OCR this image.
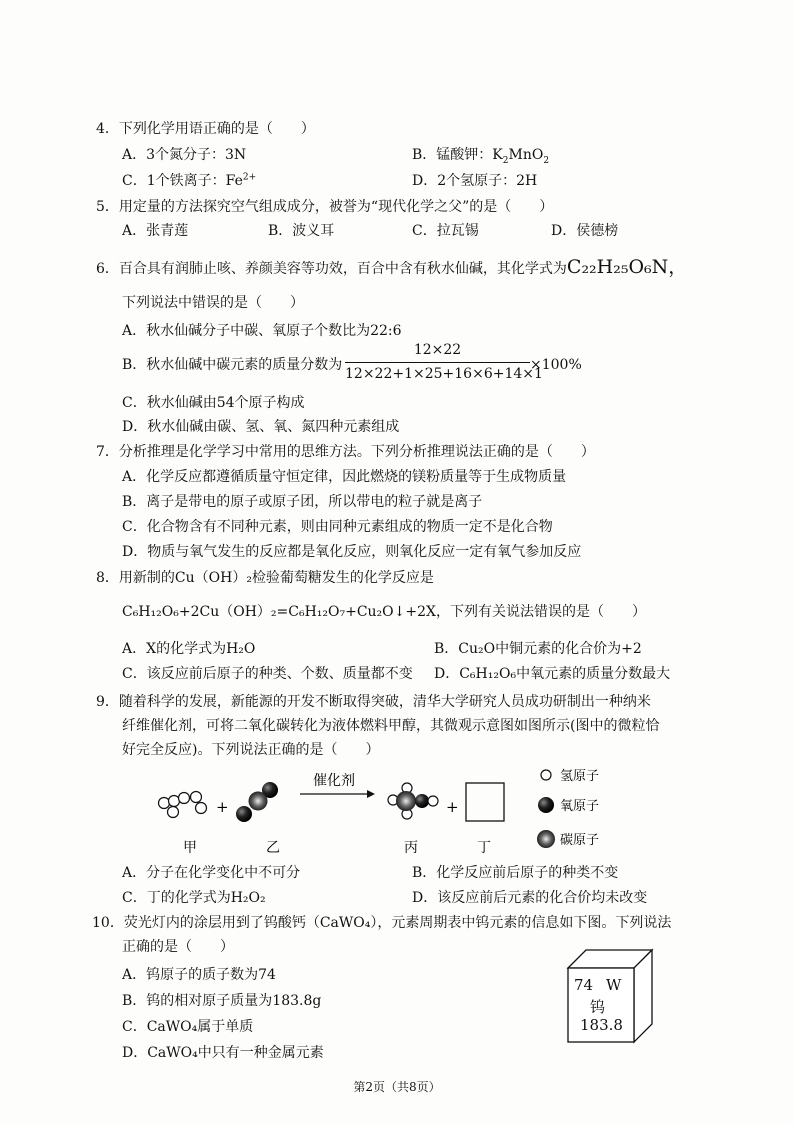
4．下列化学用语正确的是（　　）
A．3个氮分子：3N	B．锰酸钾：$K_2MnO_2$
C．1个铁离子：$Fe^{2+}$	D．2个氢原子：2H
5．用定量的方法探究空气组成成分，被誉为“现代化学之父”的是（　　）
A．张青莲	B．波义耳	C．拉瓦锡	D．侯德榜
6．百合具有润肺止咳、养颜美容等功效，百合中含有秋水仙碱，其化学式为C₂₂H₂₅O₆N，
下列说法中错误的是（　　）
A．秋水仙碱分子中碳、氧原子个数比为22:6
B．秋水仙碱中碳元素的质量分数为
12×22
12×22+1×25+16×6+14×1
×100%
C．秋水仙碱由54个原子构成
D．秋水仙碱由碳、氢、氧、氮四种元素组成
7．分析推理是化学学习中常用的思维方法。下列分析推理说法正确的是（　　）
A．化学反应都遵循质量守恒定律，因此燃烧的镁粉质量等于生成物质量
B．离子是带电的原子或原子团，所以带电的粒子就是离子
C．化合物含有不同种元素，则由同种元素组成的物质一定不是化合物
D．物质与氧气发生的反应都是氧化反应，则氧化反应一定有氧气参加反应
8．用新制的Cu（OH）₂检验葡萄糖发生的化学反应是
C₆H₁₂O₆+2Cu（OH）₂=C₆H₁₂O₇+Cu₂O↓+2X，下列有关说法错误的是（　　）
A．X的化学式为H₂O	B．Cu₂O中铜元素的化合价为+2
C．该反应前后原子的种类、个数、质量都不变 D．C₆H₁₂O₆中氧元素的质量分数最大
9．随着科学的发展，新能源的开发不断取得突破，清华大学研究人员成功研制出一种纳米
纤维催化剂，可将二氧化碳转化为液体燃料甲醇，其微观示意图如图所示(图中的微粒恰
好完全反应)。下列说法正确的是（　　）
甲
+
乙
催化剂
丙
+
丁
氢原子
氧原子
碳原子
A．分子在化学变化中不可分	B．化学反应前后原子的种类不变
C．丁的化学式为H₂O₂	D．该反应前后元素的化合价均未改变
10．荧光灯内的涂层用到了钨酸钙（CaWO₄），元素周期表中钨元素的信息如下图。下列说法
正确的是（　　）
A．钨原子的质子数为74
B．钨的相对原子质量为183.8g
C．CaWO₄属于单质
D．CaWO₄中只有一种金属元素
74 W
钨
183.8
第2页（共8页）
